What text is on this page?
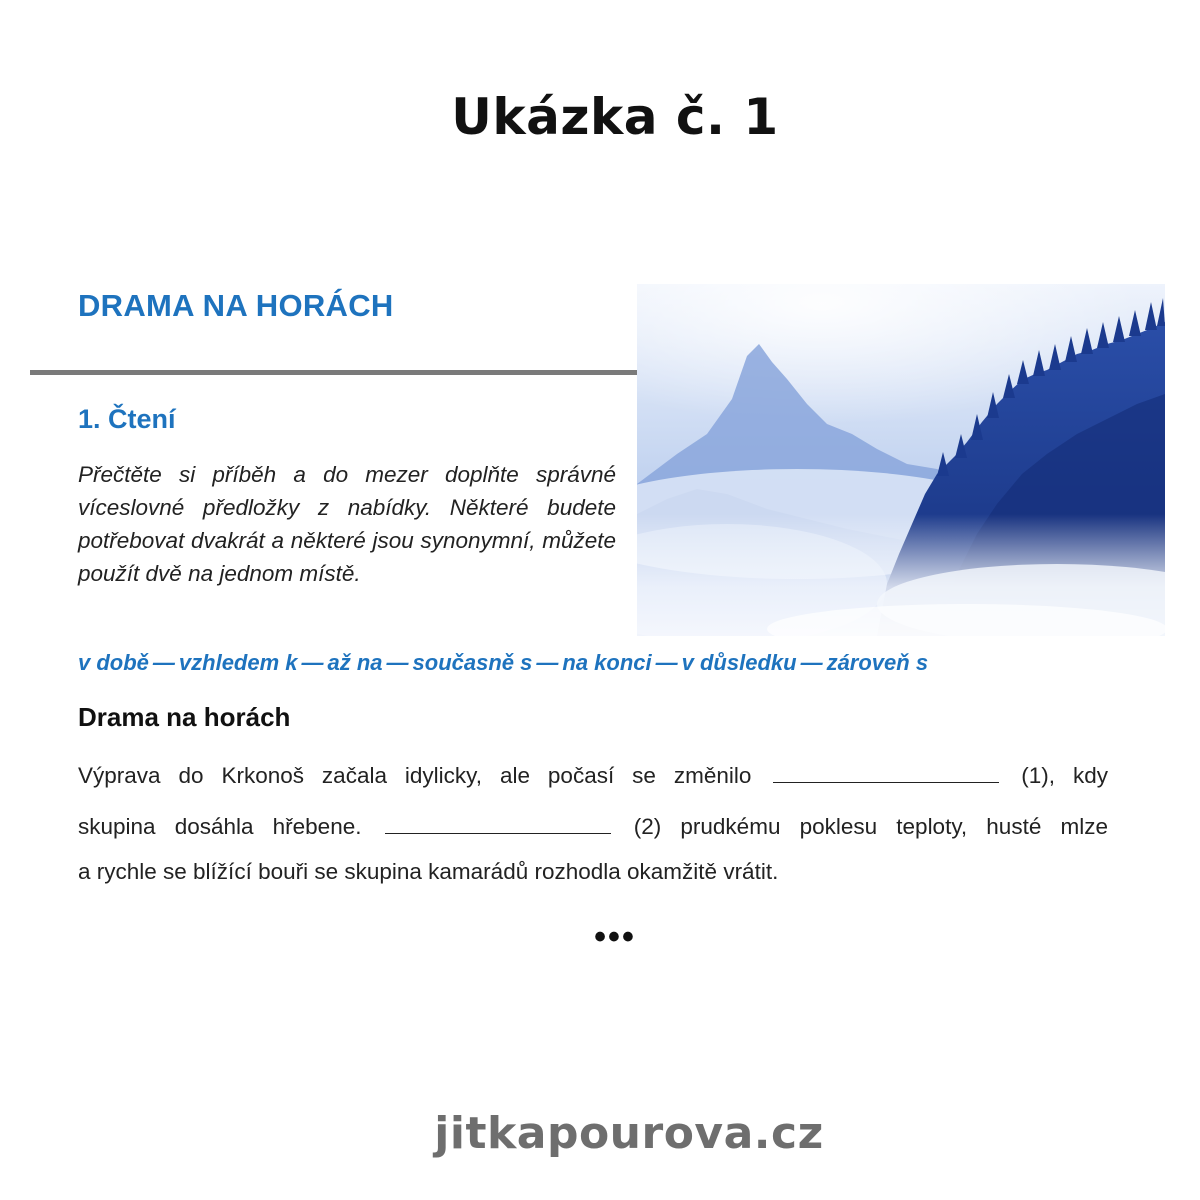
Ukázka č. 1
DRAMA NA HORÁCH
1. Čtení

Přečtěte si příběh a do mezer doplňte správné víceslovné předložky z nabídky. Některé budete potřebovat dvakrát a některé jsou synonymní, můžete použít dvě na jednom místě.

v době — vzhledem k — až na — současně s — na konci — v důsledku — zároveň s
Drama na horách
Výprava do Krkonoš začala idylicky, ale počasí se změnilo	(1), kdy
skupina dosáhla hřebene.	(2) prudkému poklesu teploty, husté mlze
a rychle se blížící bouři se skupina kamarádů rozhodla okamžitě vrátit.
•••
jitkapourova.cz
